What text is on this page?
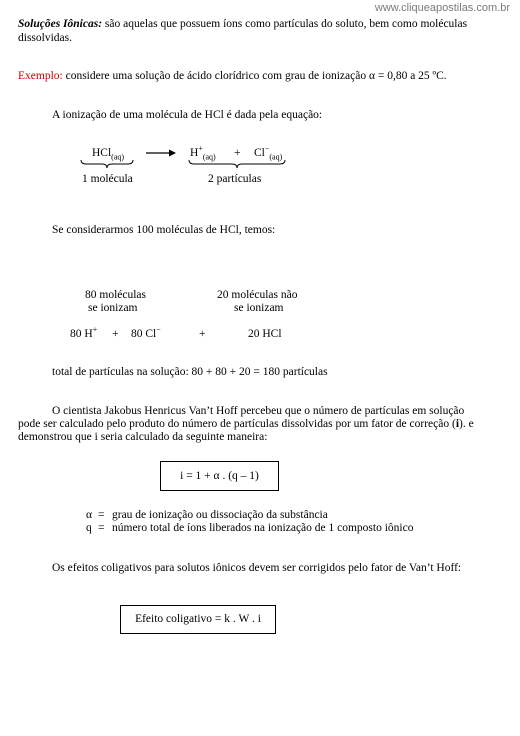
www.cliqueapostilas.com.br
Soluções Iônicas: são aquelas que possuem íons como partículas do soluto, bem como moléculas
dissolvidas.
Exemplo: considere uma solução de ácido clorídrico com grau de ionização α = 0,80 a 25 ºC.
A ionização de uma molécula de HCl é dada pela equação:
$HCl_{(aq)} \to H^+_{(aq)} + Cl^-_{(aq)}$
1 molécula	2 partículas
Se considerarmos 100 moléculas de HCl, temos:
80 moléculas
se ionizam
20 moléculas não
se ionizam
80 H+ + 80 Cl−	+	20 HCl
total de partículas na solução: 80 + 80 + 20 = 180 partículas
O cientista Jakobus Henricus Van’t Hoff percebeu que o número de partículas em solução
pode ser calculado pelo produto do número de partículas dissolvidas por um fator de correção (i). e
demonstrou que i seria calculado da seguinte maneira:
i = 1 + α . (q – 1)
α = grau de ionização ou dissociação da substância
q = número total de íons liberados na ionização de 1 composto iônico
Os efeitos coligativos para solutos iônicos devem ser corrigidos pelo fator de Van’t Hoff:
Efeito coligativo = k . W . i
